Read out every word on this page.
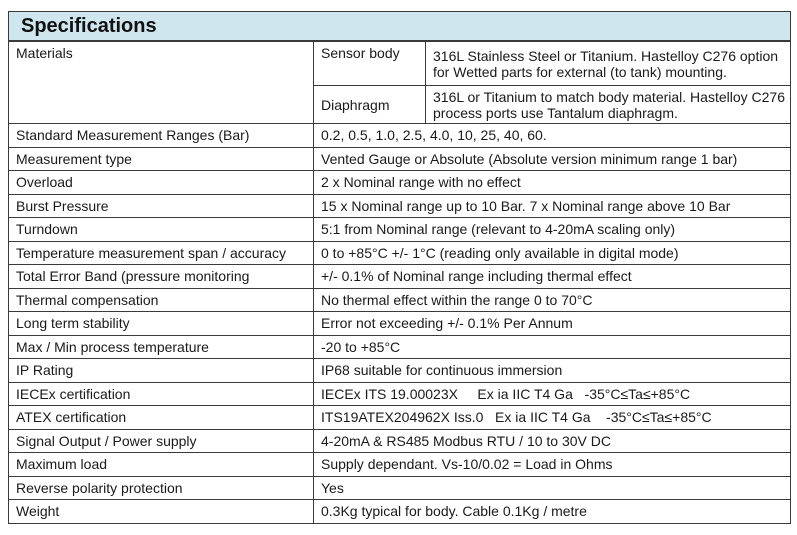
Specifications
Materials	Sensor body	316L Stainless Steel or Titanium. Hastelloy C276 option for Wetted parts for external (to tank) mounting.
	Diaphragm	316L or Titanium to match body material. Hastelloy C276 process ports use Tantalum diaphragm.
Standard Measurement Ranges (Bar)	0.2, 0.5, 1.0, 2.5, 4.0, 10, 25, 40, 60.	
Measurement type	Vented Gauge or Absolute (Absolute version minimum range 1 bar)	
Overload	2 x Nominal range with no effect	
Burst Pressure	15 x Nominal range up to 10 Bar. 7 x Nominal range above 10 Bar	
Turndown	5:1 from Nominal range (relevant to 4-20mA scaling only)	
Temperature measurement span / accuracy	0 to +85°C +/- 1°C (reading only available in digital mode)	
Total Error Band (pressure monitoring	+/- 0.1% of Nominal range including thermal effect	
Thermal compensation	No thermal effect within the range 0 to 70°C	
Long term stability	Error not exceeding +/- 0.1% Per Annum	
Max / Min process temperature	-20 to +85°C	
IP Rating	IP68 suitable for continuous immersion	
IECEx certification	IECEx ITS 19.00023X     Ex ia IIC T4 Ga   -35°C≤Ta≤+85°C	
ATEX certification	ITS19ATEX204962X Iss.0   Ex ia IIC T4 Ga    -35°C≤Ta≤+85°C	
Signal Output / Power supply	4-20mA & RS485 Modbus RTU / 10 to 30V DC	
Maximum load	Supply dependant. Vs-10/0.02 = Load in Ohms	
Reverse polarity protection	Yes	
Weight	0.3Kg typical for body. Cable 0.1Kg / metre	
